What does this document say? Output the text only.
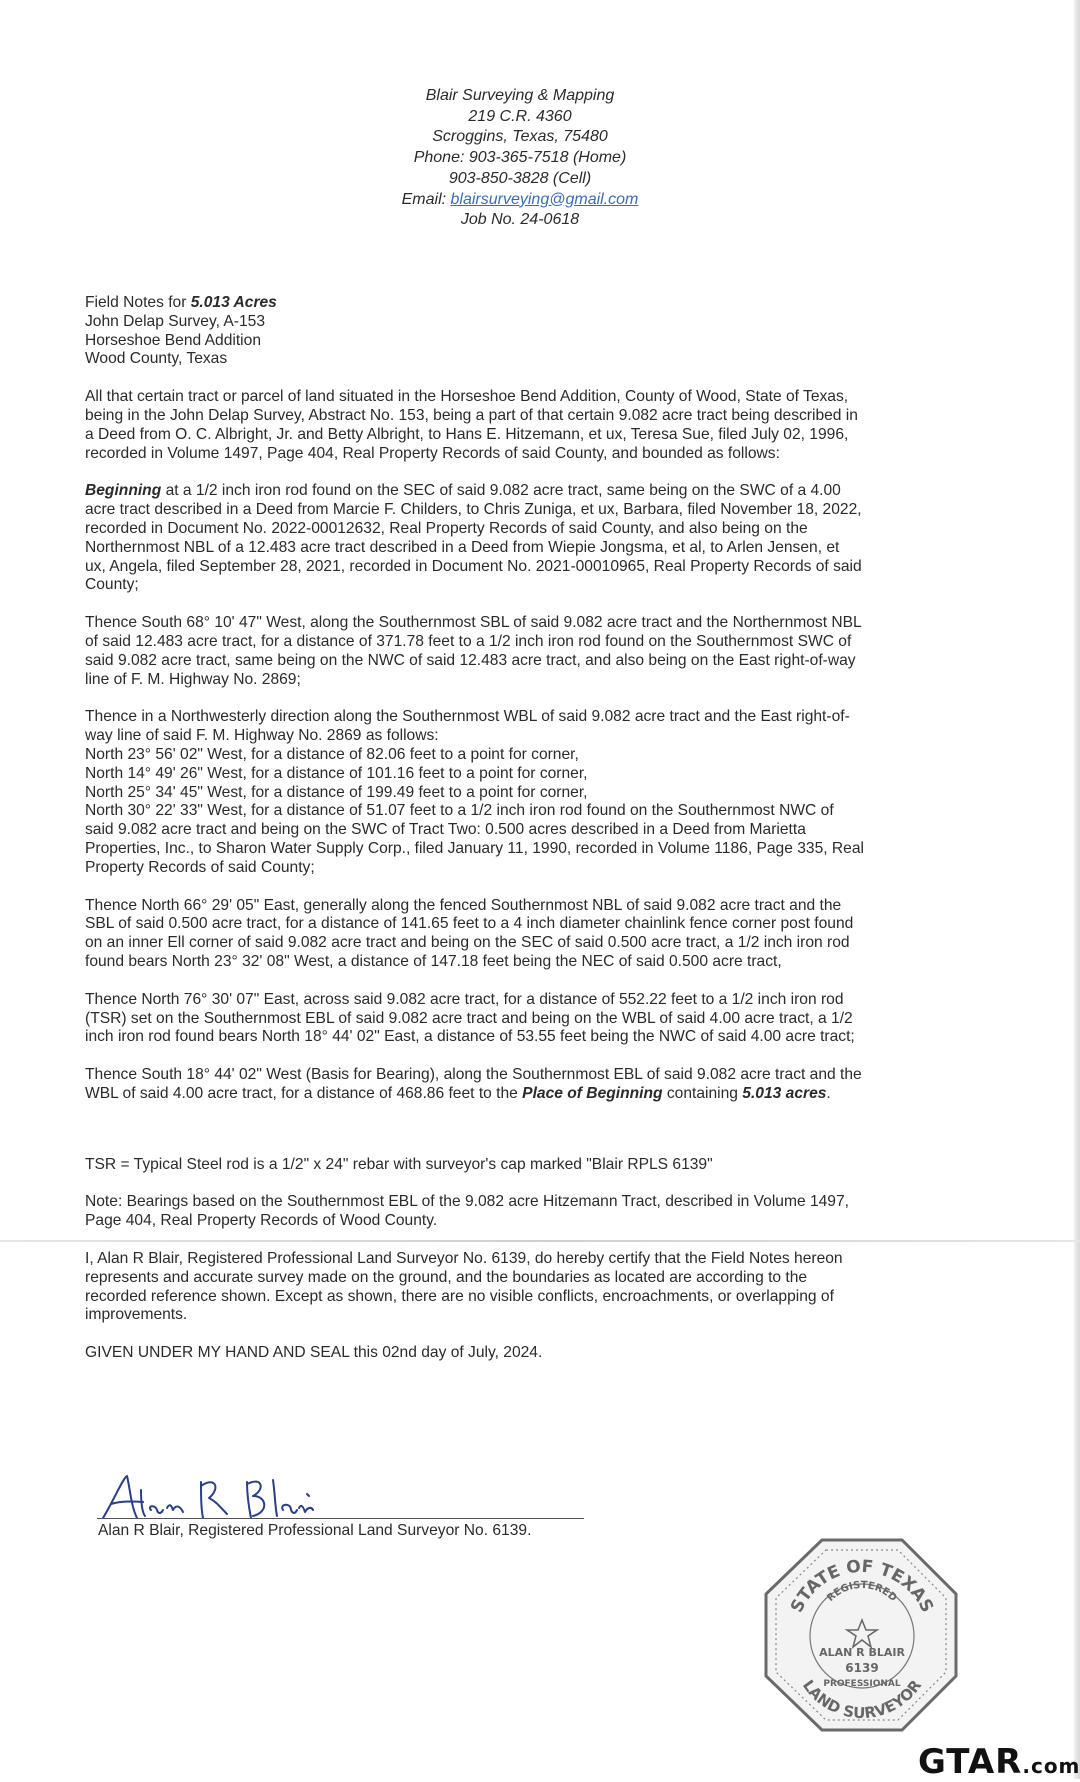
Blair Surveying & Mapping
219 C.R. 4360
Scroggins, Texas, 75480
Phone: 903-365-7518 (Home)
903-850-3828 (Cell)
Email: blairsurveying@gmail.com
Job No. 24-0618

Field Notes for 5.013 Acres
John Delap Survey, A-153
Horseshoe Bend Addition
Wood County, Texas

All that certain tract or parcel of land situated in the Horseshoe Bend Addition, County of Wood, State of Texas,
being in the John Delap Survey, Abstract No. 153, being a part of that certain 9.082 acre tract being described in
a Deed from O. C. Albright, Jr. and Betty Albright, to Hans E. Hitzemann, et ux, Teresa Sue, filed July 02, 1996,
recorded in Volume 1497, Page 404, Real Property Records of said County, and bounded as follows:

Beginning at a 1/2 inch iron rod found on the SEC of said 9.082 acre tract, same being on the SWC of a 4.00
acre tract described in a Deed from Marcie F. Childers, to Chris Zuniga, et ux, Barbara, filed November 18, 2022,
recorded in Document No. 2022-00012632, Real Property Records of said County, and also being on the
Northernmost NBL of a 12.483 acre tract described in a Deed from Wiepie Jongsma, et al, to Arlen Jensen, et
ux, Angela, filed September 28, 2021, recorded in Document No. 2021-00010965, Real Property Records of said
County;

Thence South 68° 10' 47" West, along the Southernmost SBL of said 9.082 acre tract and the Northernmost NBL
of said 12.483 acre tract, for a distance of 371.78 feet to a 1/2 inch iron rod found on the Southernmost SWC of
said 9.082 acre tract, same being on the NWC of said 12.483 acre tract, and also being on the East right-of-way
line of F. M. Highway No. 2869;

Thence in a Northwesterly direction along the Southernmost WBL of said 9.082 acre tract and the East right-of-
way line of said F. M. Highway No. 2869 as follows:
North 23° 56' 02" West, for a distance of 82.06 feet to a point for corner,
North 14° 49' 26" West, for a distance of 101.16 feet to a point for corner,
North 25° 34' 45" West, for a distance of 199.49 feet to a point for corner,
North 30° 22' 33" West, for a distance of 51.07 feet to a 1/2 inch iron rod found on the Southernmost NWC of
said 9.082 acre tract and being on the SWC of Tract Two: 0.500 acres described in a Deed from Marietta
Properties, Inc., to Sharon Water Supply Corp., filed January 11, 1990, recorded in Volume 1186, Page 335, Real
Property Records of said County;

Thence North 66° 29' 05" East, generally along the fenced Southernmost NBL of said 9.082 acre tract and the
SBL of said 0.500 acre tract, for a distance of 141.65 feet to a 4 inch diameter chainlink fence corner post found
on an inner Ell corner of said 9.082 acre tract and being on the SEC of said 0.500 acre tract, a 1/2 inch iron rod
found bears North 23° 32' 08" West, a distance of 147.18 feet being the NEC of said 0.500 acre tract,

Thence North 76° 30' 07" East, across said 9.082 acre tract, for a distance of 552.22 feet to a 1/2 inch iron rod
(TSR) set on the Southernmost EBL of said 9.082 acre tract and being on the WBL of said 4.00 acre tract, a 1/2
inch iron rod found bears North 18° 44' 02" East, a distance of 53.55 feet being the NWC of said 4.00 acre tract;

Thence South 18° 44' 02" West (Basis for Bearing), along the Southernmost EBL of said 9.082 acre tract and the
WBL of said 4.00 acre tract, for a distance of 468.86 feet to the Place of Beginning containing 5.013 acres.

TSR = Typical Steel rod is a 1/2" x 24" rebar with surveyor's cap marked "Blair RPLS 6139"

Note: Bearings based on the Southernmost EBL of the 9.082 acre Hitzemann Tract, described in Volume 1497,
Page 404, Real Property Records of Wood County.

I, Alan R Blair, Registered Professional Land Surveyor No. 6139, do hereby certify that the Field Notes hereon
represents and accurate survey made on the ground, and the boundaries as located are according to the
recorded reference shown. Except as shown, there are no visible conflicts, encroachments, or overlapping of
improvements.

GIVEN UNDER MY HAND AND SEAL this 02nd day of July, 2024.

Alan R Blair, Registered Professional Land Surveyor No. 6139.
STATE OF TEXAS
LAND SURVEYOR
REGISTERED
ALAN R BLAIR
6139
PROFESSIONAL
GTAR.com
